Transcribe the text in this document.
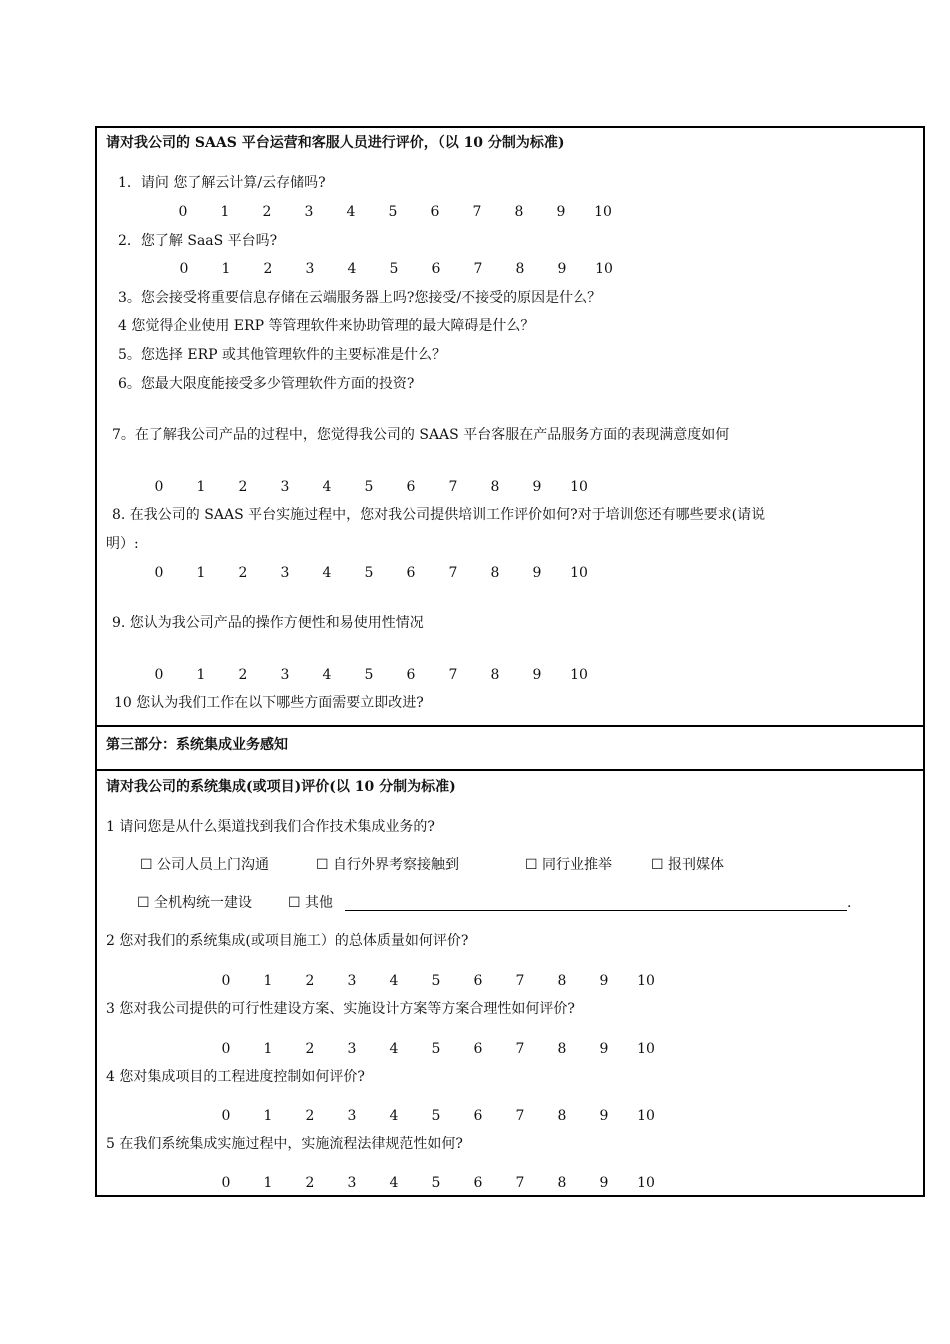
请对我公司的 SAAS 平台运营和客服人员进行评价，（以 10 分制为标准)
1．请问 您了解云计算/云存储吗?
0 1 2 3 4 5 6 7 8 9 10
2．您了解 SaaS 平台吗?
0 1 2 3 4 5 6 7 8 9 10
3。您会接受将重要信息存储在云端服务器上吗?您接受/不接受的原因是什么？
4 您觉得企业使用 ERP 等管理软件来协助管理的最大障碍是什么？
5。您选择 ERP 或其他管理软件的主要标准是什么？
6。您最大限度能接受多少管理软件方面的投资?
7。在了解我公司产品的过程中，您觉得我公司的 SAAS 平台客服在产品服务方面的表现满意度如何
0 1 2 3 4 5 6 7 8 9 10
8. 在我公司的 SAAS 平台实施过程中，您对我公司提供培训工作评价如何?对于培训您还有哪些要求(请说
明）:
0 1 2 3 4 5 6 7 8 9 10
9. 您认为我公司产品的操作方便性和易使用性情况
0 1 2 3 4 5 6 7 8 9 10
10 您认为我们工作在以下哪些方面需要立即改进?
第三部分：系统集成业务感知
请对我公司的系统集成(或项目)评价(以 10 分制为标准)
1 请问您是从什么渠道找到我们合作技术集成业务的?
☐ 公司人员上门沟通	☐ 自行外界考察接触到	☐ 同行业推举	☐ 报刊媒体
☐ 全机构统一建设	☐ 其他	.
2 您对我们的系统集成(或项目施工）的总体质量如何评价?
0 1 2 3 4 5 6 7 8 9 10
3 您对我公司提供的可行性建设方案、实施设计方案等方案合理性如何评价?
0 1 2 3 4 5 6 7 8 9 10
4 您对集成项目的工程进度控制如何评价?
0 1 2 3 4 5 6 7 8 9 10
5 在我们系统集成实施过程中，实施流程法律规范性如何?
0 1 2 3 4 5 6 7 8 9 10
